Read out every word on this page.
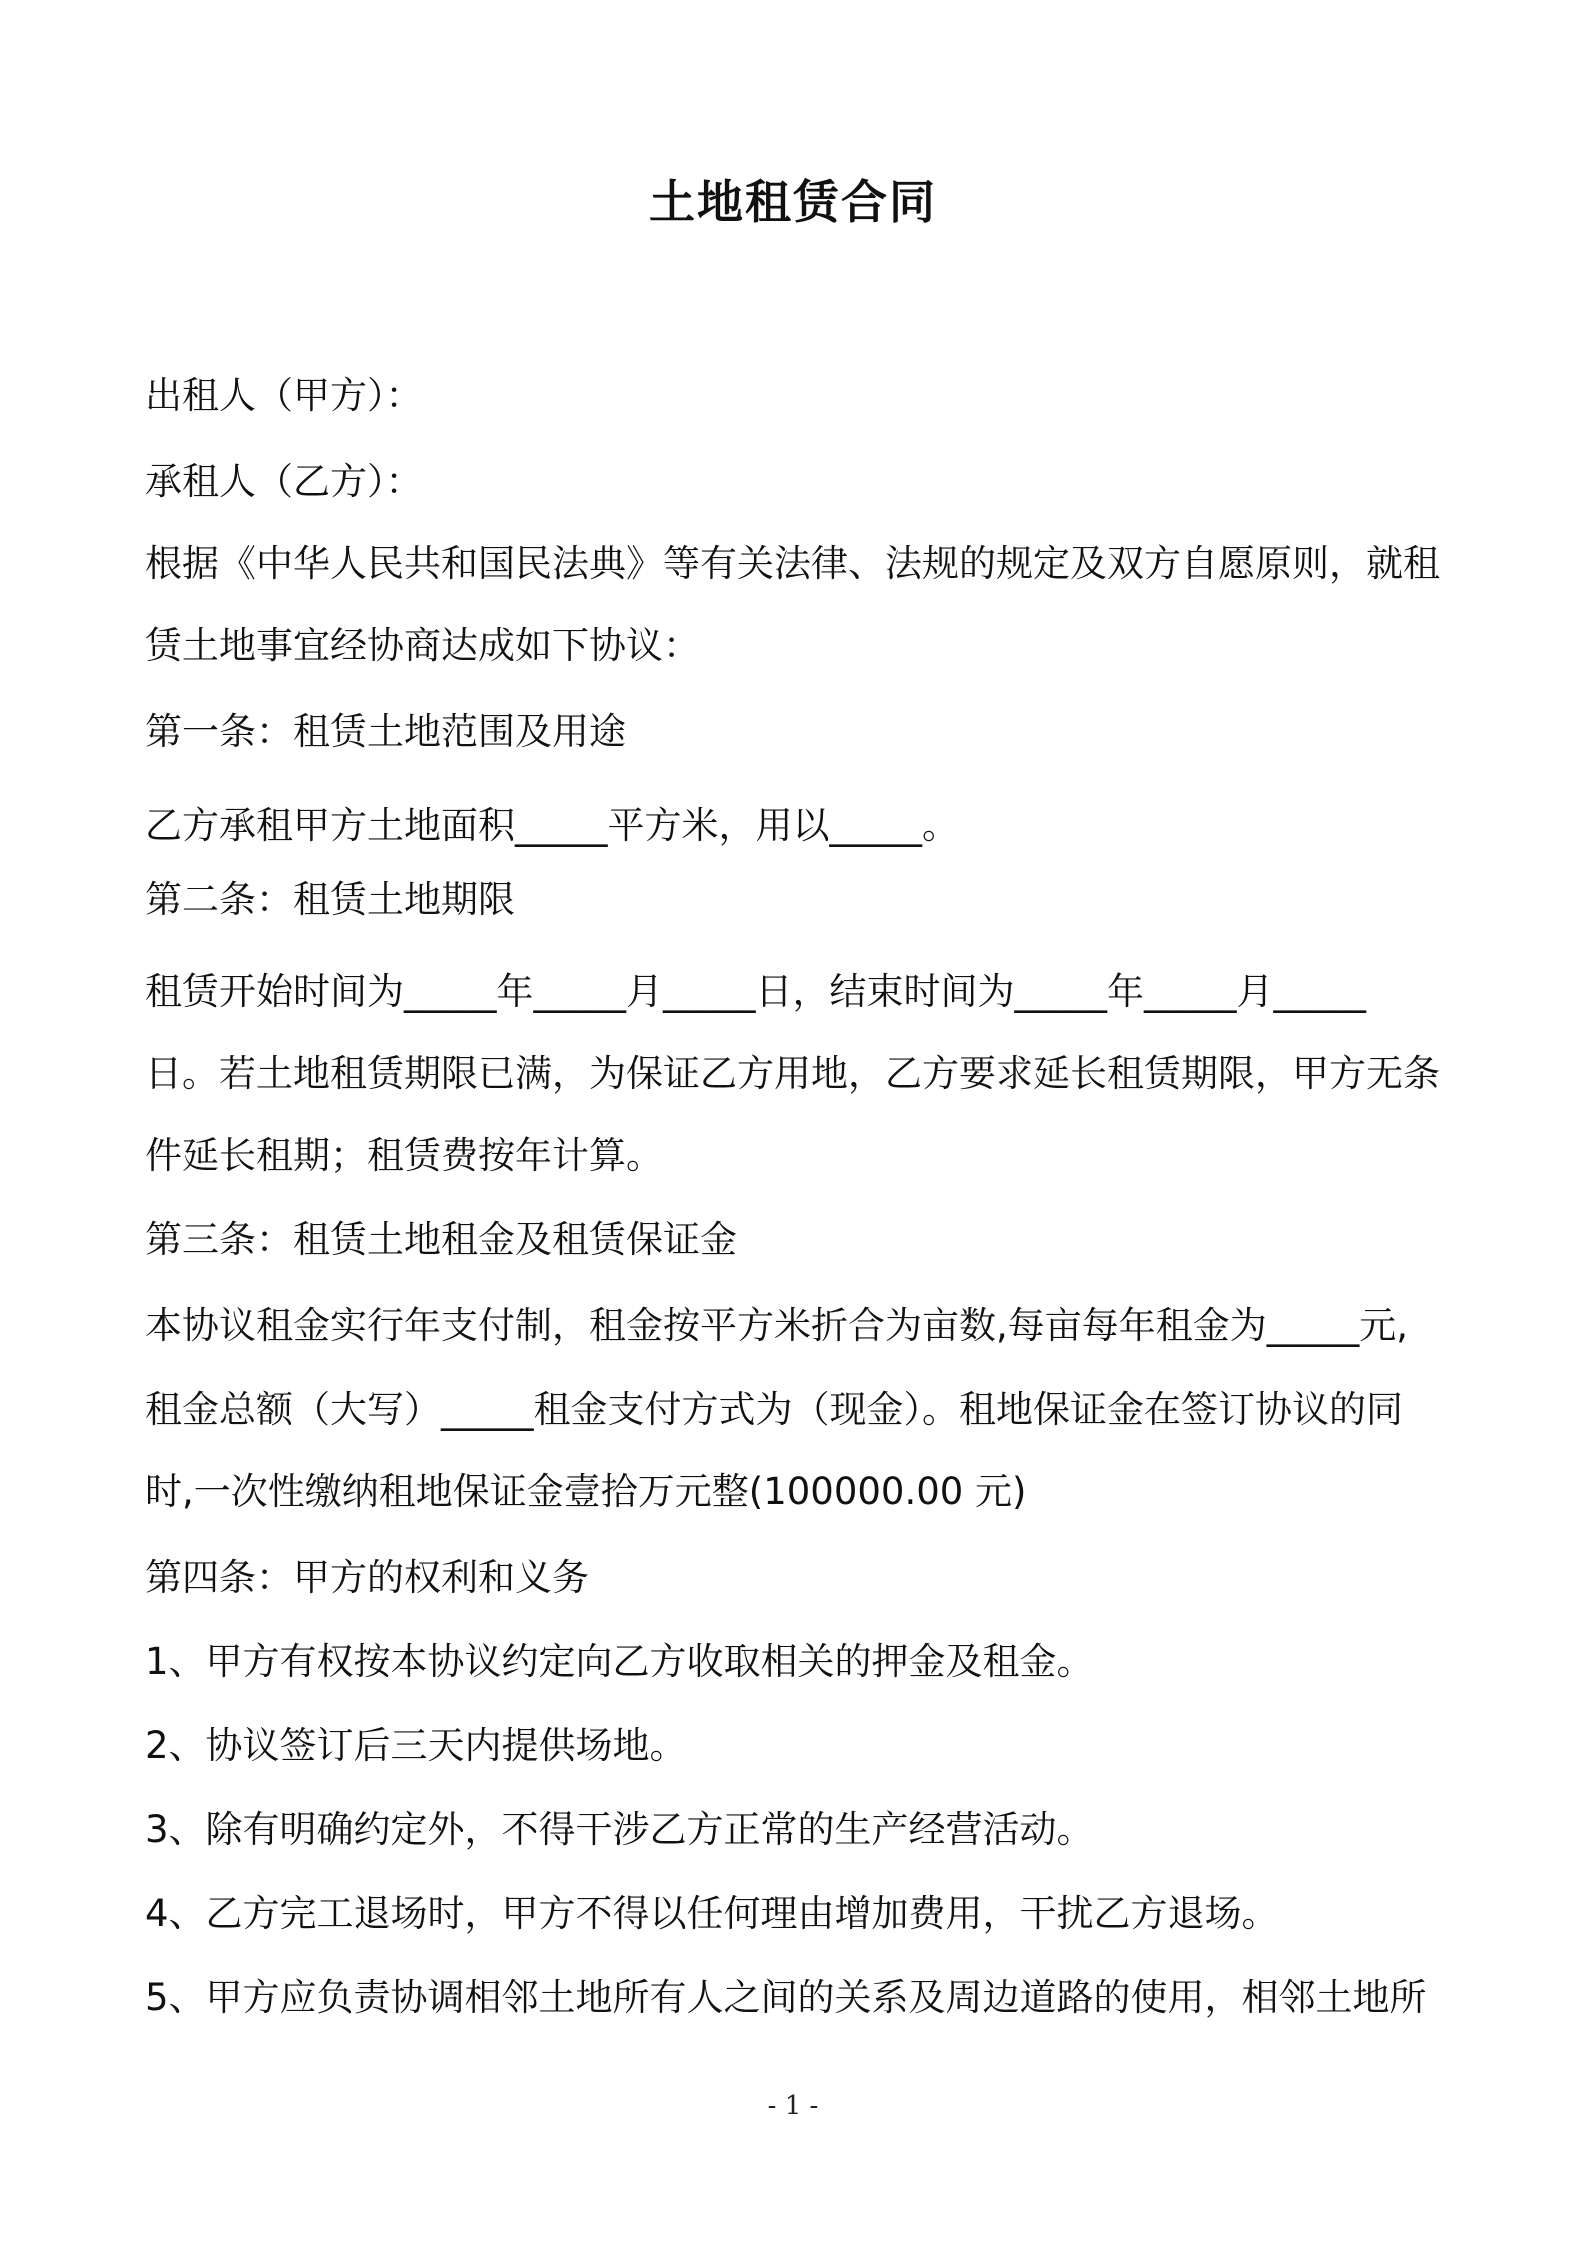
土地租赁合同
出租人（甲方）：
承租人（乙方）：
根据《中华人民共和国民法典》等有关法律、法规的规定及双方自愿原则，就租
赁土地事宜经协商达成如下协议：
第一条：租赁土地范围及用途
乙方承租甲方土地面积_____平方米，用以_____。
第二条：租赁土地期限
租赁开始时间为_____年_____月_____日，结束时间为_____年_____月_____
日。若土地租赁期限已满，为保证乙方用地，乙方要求延长租赁期限，甲方无条
件延长租期；租赁费按年计算。
第三条：租赁土地租金及租赁保证金
本协议租金实行年支付制，租金按平方米折合为亩数,每亩每年租金为_____元,
租金总额（大写）_____租金支付方式为（现金）。租地保证金在签订协议的同
时,一次性缴纳租地保证金壹拾万元整(100000.00 元)
第四条：甲方的权利和义务
1、甲方有权按本协议约定向乙方收取相关的押金及租金。
2、协议签订后三天内提供场地。
3、除有明确约定外，不得干涉乙方正常的生产经营活动。
4、乙方完工退场时，甲方不得以任何理由增加费用，干扰乙方退场。
5、甲方应负责协调相邻土地所有人之间的关系及周边道路的使用，相邻土地所
- 1 -
